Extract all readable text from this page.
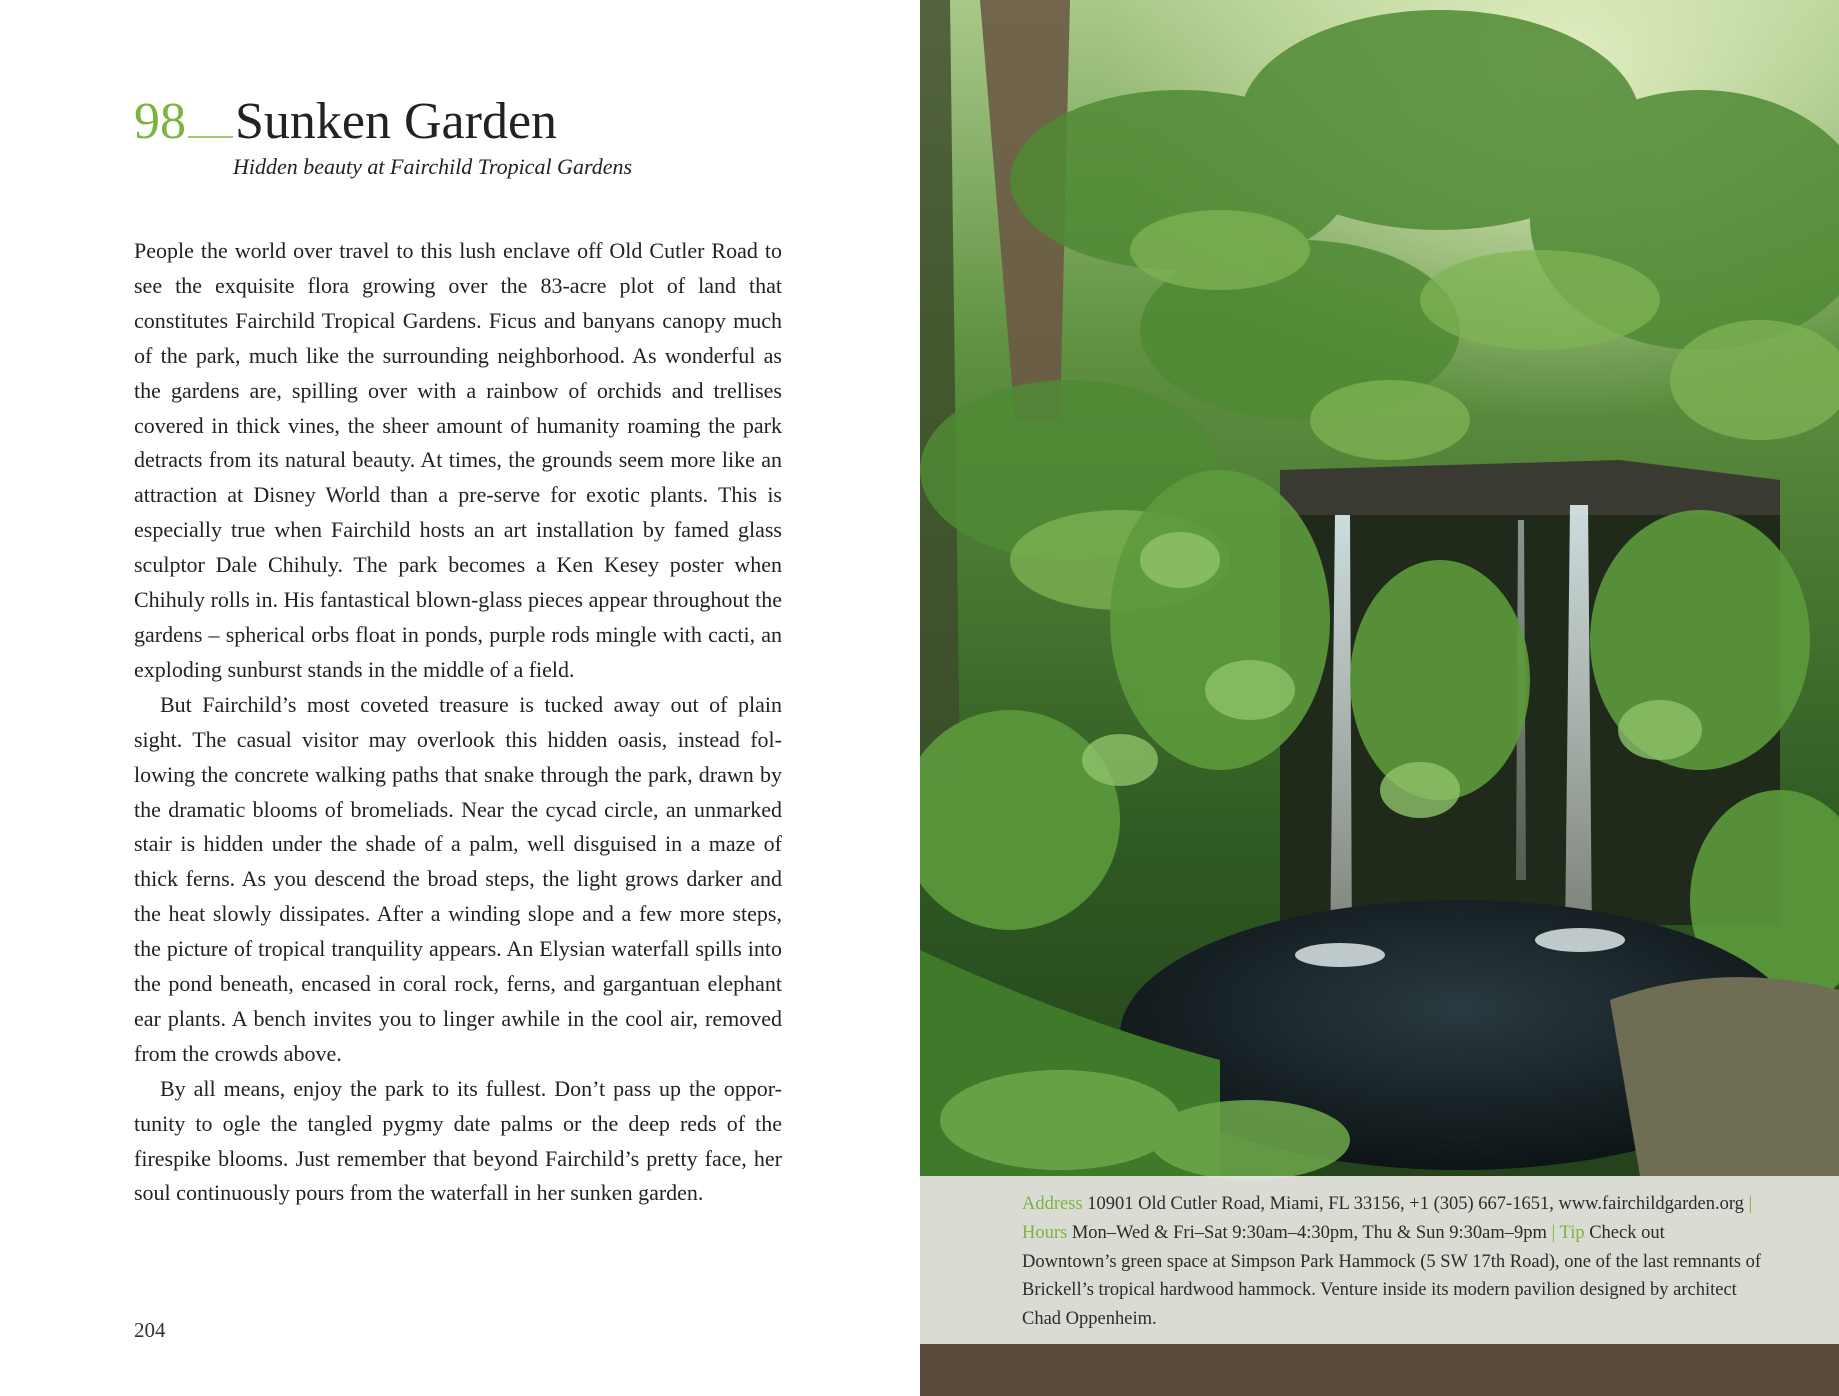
98 Sunken Garden
Hidden beauty at Fairchild Tropical Gardens

People the world over travel to this lush enclave off Old Cutler Road to see the exquisite flora growing over the 83-acre plot of land that constitutes Fairchild Tropical Gardens. Ficus and banyans canopy much of the park, much like the surrounding neighborhood. As wonderful as the gardens are, spilling over with a rainbow of orchids and trellises covered in thick vines, the sheer amount of humanity roaming the park detracts from its natural beauty. At times, the grounds seem more like an attraction at Disney World than a pre-serve for exotic plants. This is especially true when Fairchild hosts an art installation by famed glass sculptor Dale Chihuly. The park becomes a Ken Kesey poster when Chihuly rolls in. His fantastical blown-glass pieces appear throughout the gardens – spherical orbs float in ponds, purple rods mingle with cacti, an exploding sunburst stands in the middle of a field.

But Fairchild’s most coveted treasure is tucked away out of plain sight. The casual visitor may overlook this hidden oasis, instead fol-lowing the concrete walking paths that snake through the park, drawn by the dramatic blooms of bromeliads. Near the cycad circle, an unmarked stair is hidden under the shade of a palm, well disguised in a maze of thick ferns. As you descend the broad steps, the light grows darker and the heat slowly dissipates. After a winding slope and a few more steps, the picture of tropical tranquility appears. An Elysian waterfall spills into the pond beneath, encased in coral rock, ferns, and gargantuan elephant ear plants. A bench invites you to linger awhile in the cool air, removed from the crowds above.

By all means, enjoy the park to its fullest. Don’t pass up the oppor-tunity to ogle the tangled pygmy date palms or the deep reds of the firespike blooms. Just remember that beyond Fairchild’s pretty face, her soul continuously pours from the waterfall in her sunken garden.

204
Address 10901 Old Cutler Road, Miami, FL 33156, +1 (305) 667-1651, www.fairchildgarden.org | Hours Mon–Wed & Fri–Sat 9:30am–4:30pm, Thu & Sun 9:30am–9pm | Tip Check out Downtown’s green space at Simpson Park Hammock (5 SW 17th Road), one of the last remnants of Brickell’s tropical hardwood hammock. Venture inside its modern pavilion designed by architect Chad Oppenheim.
